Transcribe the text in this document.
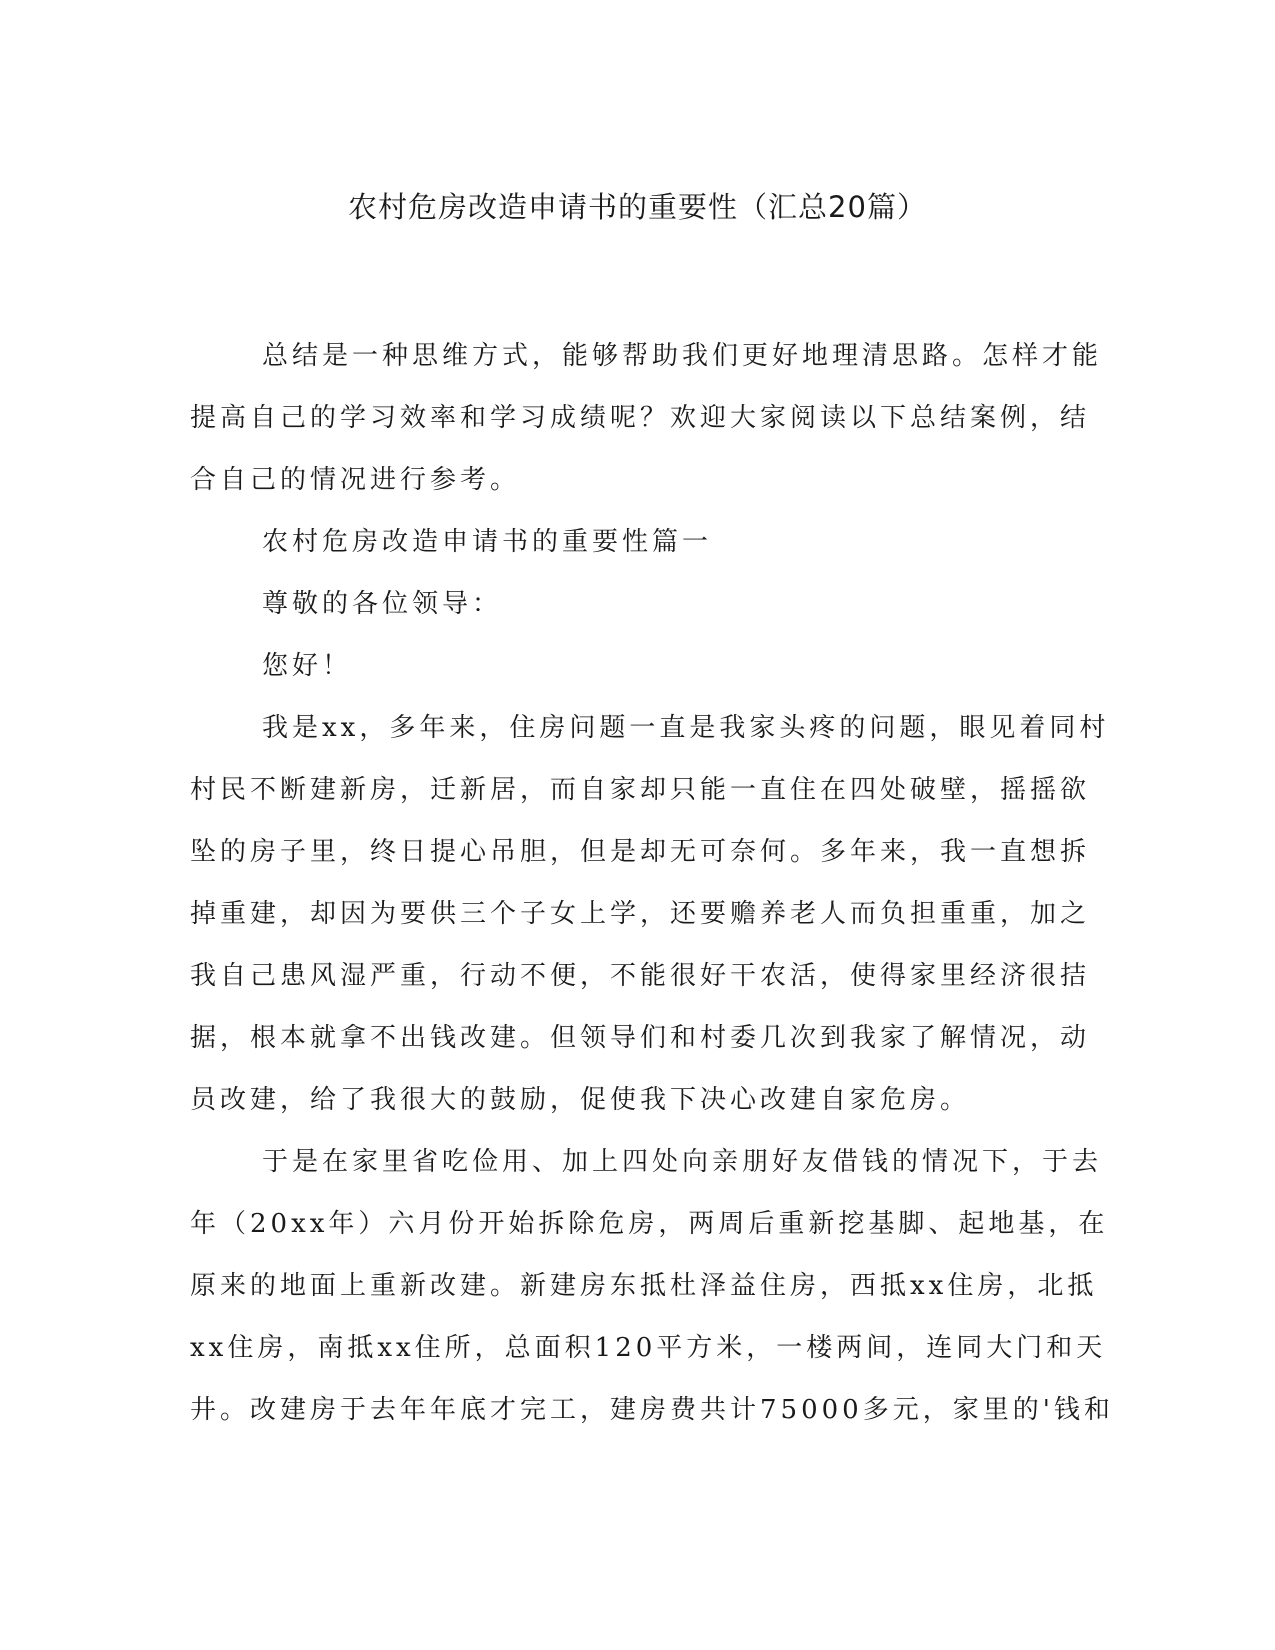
农村危房改造申请书的重要性（汇总20篇）

总结是一种思维方式，能够帮助我们更好地理清思路。怎样才能

提高自己的学习效率和学习成绩呢？欢迎大家阅读以下总结案例，结

合自己的情况进行参考。

农村危房改造申请书的重要性篇一

尊敬的各位领导：

您好！

我是xx，多年来，住房问题一直是我家头疼的问题，眼见着同村

村民不断建新房，迁新居，而自家却只能一直住在四处破壁，摇摇欲

坠的房子里，终日提心吊胆，但是却无可奈何。多年来，我一直想拆

掉重建，却因为要供三个子女上学，还要赡养老人而负担重重，加之

我自己患风湿严重，行动不便，不能很好干农活，使得家里经济很拮

据，根本就拿不出钱改建。但领导们和村委几次到我家了解情况，动

员改建，给了我很大的鼓励，促使我下决心改建自家危房。

于是在家里省吃俭用、加上四处向亲朋好友借钱的情况下，于去

年（20xx年）六月份开始拆除危房，两周后重新挖基脚、起地基，在

原来的地面上重新改建。新建房东抵杜泽益住房，西抵xx住房，北抵

xx住房，南抵xx住所，总面积120平方米，一楼两间，连同大门和天

井。改建房于去年年底才完工，建房费共计75000多元，家里的'钱和
